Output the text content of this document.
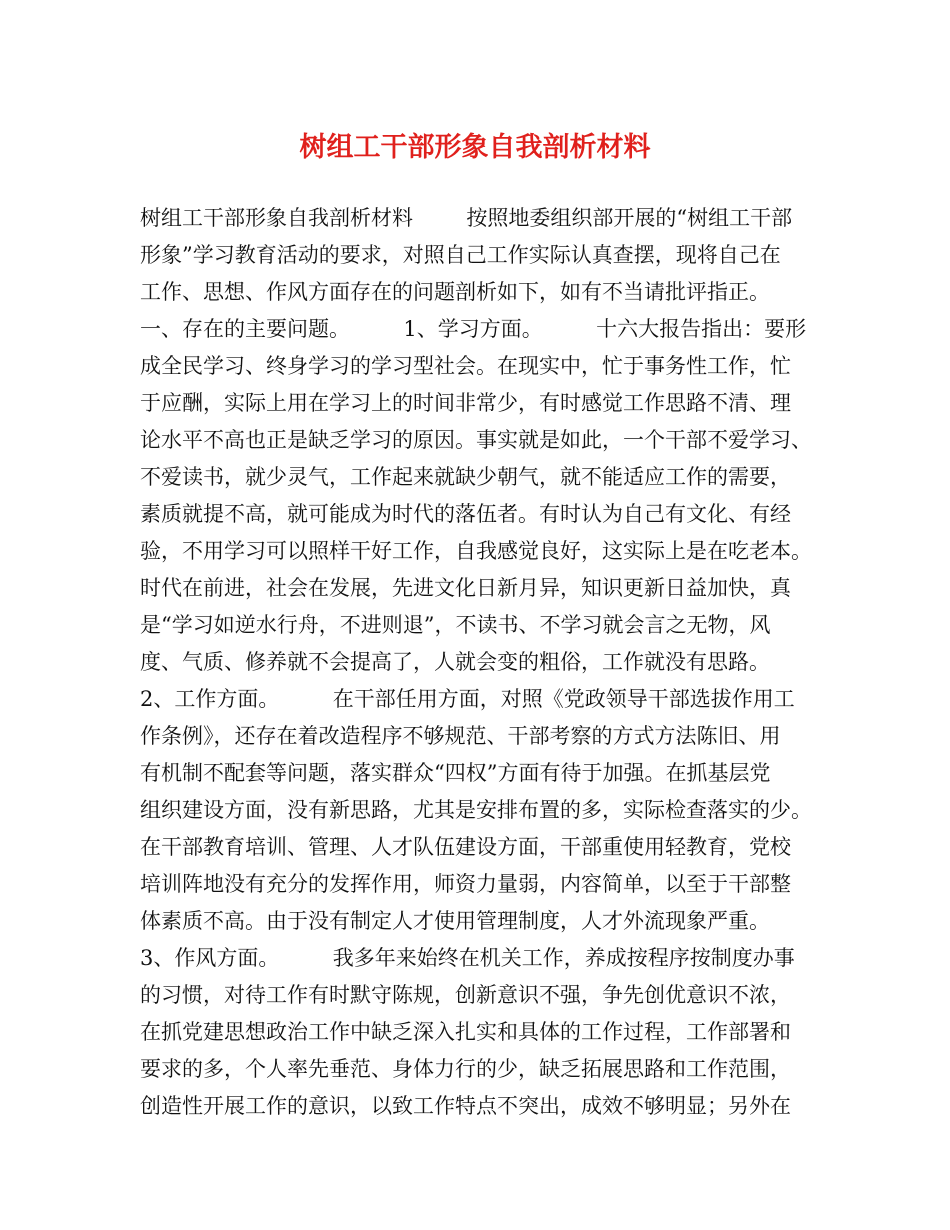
树组工干部形象自我剖析材料
树组工干部形象自我剖析材料        按照地委组织部开展的“树组工干部
形象”学习教育活动的要求，对照自己工作实际认真查摆，现将自己在
工作、思想、作风方面存在的问题剖析如下，如有不当请批评指正。
一、存在的主要问题。        1、学习方面。        十六大报告指出：要形
成全民学习、终身学习的学习型社会。在现实中，忙于事务性工作，忙
于应酬，实际上用在学习上的时间非常少，有时感觉工作思路不清、理
论水平不高也正是缺乏学习的原因。事实就是如此，一个干部不爱学习、
不爱读书，就少灵气，工作起来就缺少朝气，就不能适应工作的需要，
素质就提不高，就可能成为时代的落伍者。有时认为自己有文化、有经
验，不用学习可以照样干好工作，自我感觉良好，这实际上是在吃老本。
时代在前进，社会在发展，先进文化日新月异，知识更新日益加快，真
是“学习如逆水行舟，不进则退”，不读书、不学习就会言之无物，风
度、气质、修养就不会提高了，人就会变的粗俗，工作就没有思路。
2、工作方面。        在干部任用方面，对照《党政领导干部选拔作用工
作条例》，还存在着改造程序不够规范、干部考察的方式方法陈旧、用
有机制不配套等问题，落实群众“四权”方面有待于加强。在抓基层党
组织建设方面，没有新思路，尤其是安排布置的多，实际检查落实的少。
在干部教育培训、管理、人才队伍建设方面，干部重使用轻教育，党校
培训阵地没有充分的发挥作用，师资力量弱，内容简单，以至于干部整
体素质不高。由于没有制定人才使用管理制度，人才外流现象严重。
3、作风方面。        我多年来始终在机关工作，养成按程序按制度办事
的习惯，对待工作有时默守陈规，创新意识不强，争先创优意识不浓，
在抓党建思想政治工作中缺乏深入扎实和具体的工作过程，工作部署和
要求的多，个人率先垂范、身体力行的少，缺乏拓展思路和工作范围，
创造性开展工作的意识，以致工作特点不突出，成效不够明显；另外在
